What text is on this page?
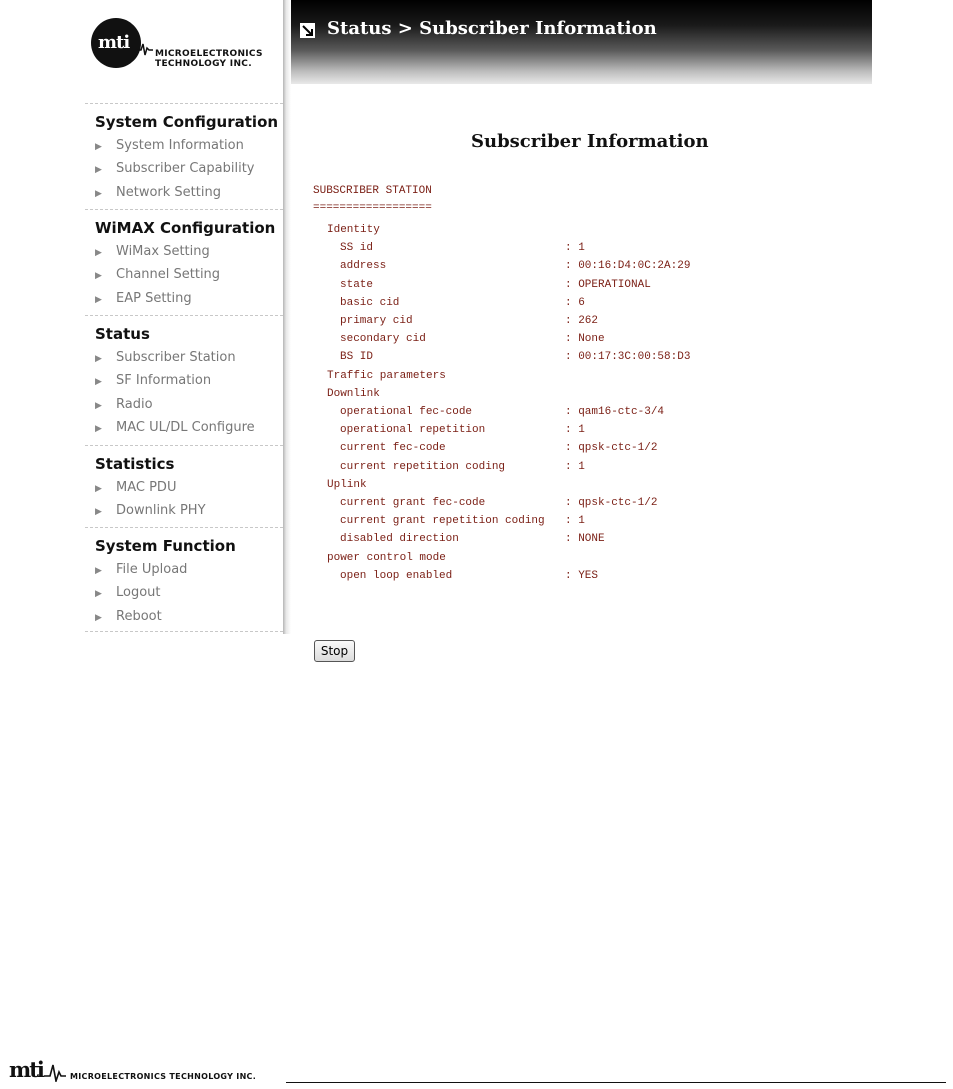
mti
MICROELECTRONICS
TECHNOLOGY INC.
System Configuration
▶ System Information
▶ Subscriber Capability
▶ Network Setting
WiMAX Configuration
▶ WiMax Setting
▶ Channel Setting
▶ EAP Setting
Status
▶ Subscriber Station
▶ SF Information
▶ Radio
▶ MAC UL/DL Configure
Statistics
▶ MAC PDU
▶ Downlink PHY
System Function
▶ File Upload
▶ Logout
▶ Reboot
Status > Subscriber Information
Subscriber Information
SUBSCRIBER STATION
==================
Identity
SS id	: 1
address	: 00:16:D4:0C:2A:29
state	: OPERATIONAL
basic cid	: 6
primary cid	: 262
secondary cid	: None
BS ID	: 00:17:3C:00:58:D3
Traffic parameters
Downlink
operational fec-code	: qam16-ctc-3/4
operational repetition	: 1
current fec-code	: qpsk-ctc-1/2
current repetition coding	: 1
Uplink
current grant fec-code	: qpsk-ctc-1/2
current grant repetition coding : 1
disabled direction	: NONE
power control mode
open loop enabled	: YES
Stop
mti	MICROELECTRONICS TECHNOLOGY INC.
